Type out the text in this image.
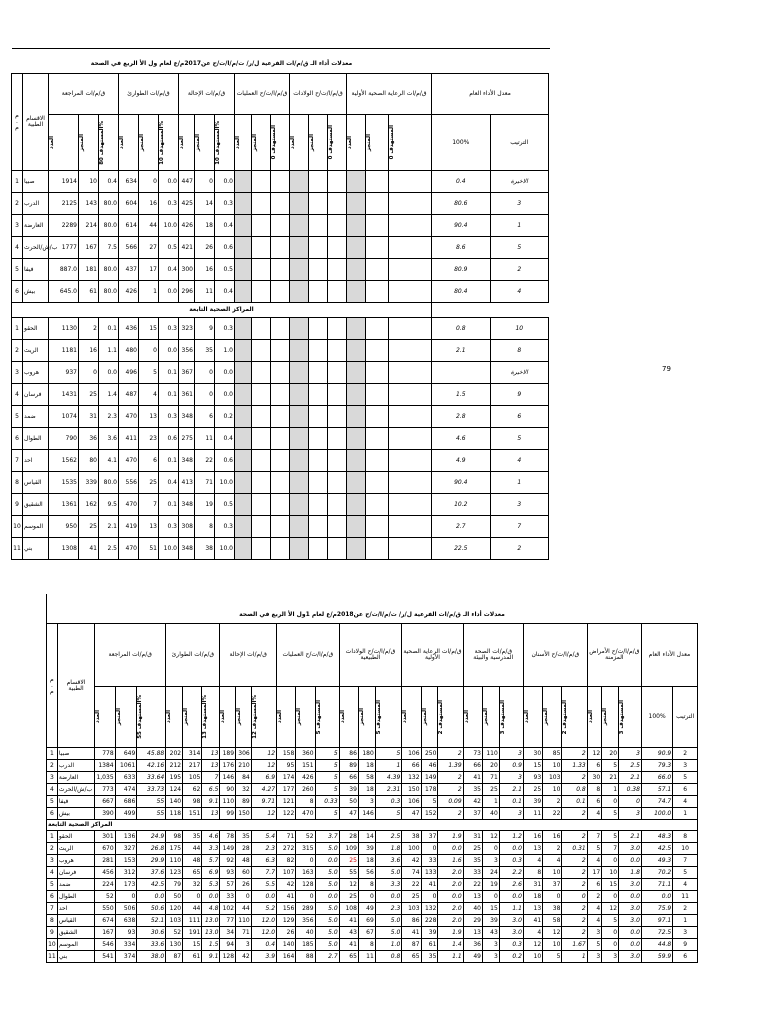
79
معدلات أداء الـ ق/م/ات الفرعية ل/ر/ ت/م/ا/ت/ح عن2017م/ع لعام ول الأ الربع في الصحة																					
م
.
م	الاقسام
الطبية	ق/م/ات المراجعة			ق/م/ات الطوارئ			ق/م/ات الإحالة			ق/م/ا/ت/ح العمليات			ق/م/ا/ت/ح الولادات			ق/م/ات الرعاية الصحية الأولية			معدل الأداء العام	

		العدد	المنجز	المستهدف 80%	العدد	المنجز	المستهدف 10%	العدد	المنجز	المستهدف 10%	العدد	المنجز	المستهدف 0	العدد	المنجز	المستهدف 0	العدد	المنجز	المستهدف 0	100%	الترتيب
1	صبيا	1914	10	0.4	634	0	0.0	447	0	0.0										0.4	الاخيرة
2	الدرب	2125	143	80.0	604	16	0.3	425	14	0.3										80.6	3
3	العارضة	2289	214	80.0	614	44	10.0	426	18	0.4										90.4	1
4	ب/ش/الحرث	1777	167	7.5	566	27	0.5	421	26	0.6										8.6	5
5	فيفا	887.0	181	80.0	437	17	0.4	300	16	0.5										80.9	2
6	بيش	645.0	61	80.0	426	1	0.0	296	11	0.4										80.4	4
المراكز الصحية التابعة																					
1	الحقو	1130	2	0.1	436	15	0.3	323	9	0.3										0.8	10
2	الريث	1181	16	1.1	480	0	0.0	356	35	1.0										2.1	8
3	هروب	937	0	0.0	496	5	0.1	367	0	0.0											الاخيرة
4	فرسان	1431	25	1.4	487	4	0.1	361	0	0.0										1.5	9
5	ضمد	1074	31	2.3	470	13	0.3	348	6	0.2										2.8	6
6	الطوال	790	36	3.6	411	23	0.6	275	11	0.4										4.6	5
7	احد	1562	80	4.1	470	6	0.1	348	22	0.6										4.9	4
8	القياس	1535	339	80.0	556	25	0.4	413	71	10.0										90.4	1
9	الشقيق	1361	162	9.5	470	7	0.1	348	19	0.5										10.2	3
10	الموسم	950	25	2.1	419	13	0.3	308	8	0.3										2.7	7
11	بني	1308	41	2.5	470	51	10.0	348	38	10.0										22.5	2
معدلات أداء الـ ق/م/ات الفرعية ل/ر/ ت/م/ا/ت/ح عن2018م/ع لعام 1ول الأ الربع في الصحة																														
م
.
م	الاقسام
الطبية	ق/م/ات المراجعة			ق/م/ات الطوارئ			ق/م/ات الإحالة			ق/م/ا/ت/ح العمليات			ق/م/ا/ت/ح الولادات الطبيعية			ق/م/ات الرعاية الصحية الأولية			ق/م/ات الصحة المدرسية والبيئة			ق/م/ا/ت/ح الأسنان			ق/م/ا/ت/ح الأمراض المزمنة			معدل الأداء العام	

		العدد	المنجز	المستهدف 55%	العدد	المنجز	المستهدف 13%	العدد	المنجز	المستهدف 12%	العدد	المنجز	المستهدف 5	العدد	المنجز	المستهدف 5	العدد	المنجز	المستهدف 2	العدد	المنجز	المستهدف 3	العدد	المنجز	المستهدف 2	العدد	المنجز	المستهدف 3	100%	الترتيب
1	صبيا	778	649	45.88	202	314	13	189	306	12	158	360	5	86	180	5	106	250	2	73	110	3	30	85	2	12	20	3	90.9	2
2	الدرب	1384	1061	42.16	212	217	13	176	210	12	95	151	5	89	18	1	66	46	1.39	66	20	0.9	15	10	1.33	6	5	2.5	79.3	3
3	العارضة	1,035	633	33.64	195	105	7	146	84	6.9	174	426	5	66	58	4.39	132	149	2	41	71	3	93	103	2	30	21	2.1	66.0	5
4	ب/ش/الحرث	773	474	33.73	124	62	6.5	90	32	4.27	177	260	5	39	18	2.31	150	178	2	35	25	2.1	25	10	0.8	8	1	0.38	57.1	6
5	فيفا	667	686	55	140	98	9.1	110	89	9.71	121	8	0.33	50	3	0.3	106	5	0.09	42	1	0.1	39	2	0.1	6	0	0	74.7	4
6	بيش	390	499	55	118	151	13	99	150	12	122	470	5	47	146	5	47	152	2	37	40	3	11	22	2	4	5	3	100.0	1
المراكز الصحية التابعة																														
1	الحقو	301	136	24.9	98	35	4.6	78	35	5.4	71	52	3.7	28	14	2.5	38	37	1.9	31	12	1.2	16	16	2	7	5	2.1	48.3	8
2	الريث	670	327	26.8	175	44	3.3	149	28	2.3	272	315	5.0	109	39	1.8	100	0	0.0	25	0	0.0	13	2	0.31	5	7	3.0	42.5	10
3	هروب	281	153	29.9	110	48	5.7	92	48	6.3	82	0	0.0	25	18	3.6	42	33	1.6	35	3	0.3	4	4	2	4	0	0.0	49.3	7
4	فرسان	456	312	37.6	123	65	6.9	93	60	7.7	107	163	5.0	55	56	5.0	74	133	2.0	33	24	2.2	8	10	2	17	10	1.8	70.2	5
5	ضمد	224	173	42.5	79	32	5.3	57	26	5.5	42	128	5.0	12	8	3.3	22	41	2.0	22	19	2.6	31	37	2	6	15	3.0	71.1	4
6	الطوال	52	0	0.0	50	0	0.0	33	0	0.0	41	0	0.0	25	0	0.0	25	0	0.0	13	0	0.0	18	0	0	2	0	0.0	0.0	11
7	احد	550	506	50.6	120	44	4.8	102	44	5.2	156	289	5.0	108	49	2.3	103	132	2.0	40	15	1.1	13	38	2	4	12	3.0	75.9	2
8	القياس	674	638	52.1	103	111	13.0	77	110	12.0	129	356	5.0	41	69	5.0	86	228	2.0	29	39	3.0	41	58	2	4	5	3.0	97.1	1
9	الشقيق	167	93	30.6	52	191	13.0	34	71	12.0	26	40	5.0	43	67	5.0	41	39	1.9	13	43	3.0	4	12	2	3	0	0.0	72.5	3
10	الموسم	546	334	33.6	130	15	1.5	94	3	0.4	140	185	5.0	41	8	1.0	87	61	1.4	36	3	0.3	12	10	1.67	5	0	0.0	44.8	9
11	بني	541	374	38.0	87	61	9.1	128	42	3.9	164	88	2.7	65	11	0.8	65	35	1.1	49	3	0.2	10	5	1	3	3	3.0	59.9	6
